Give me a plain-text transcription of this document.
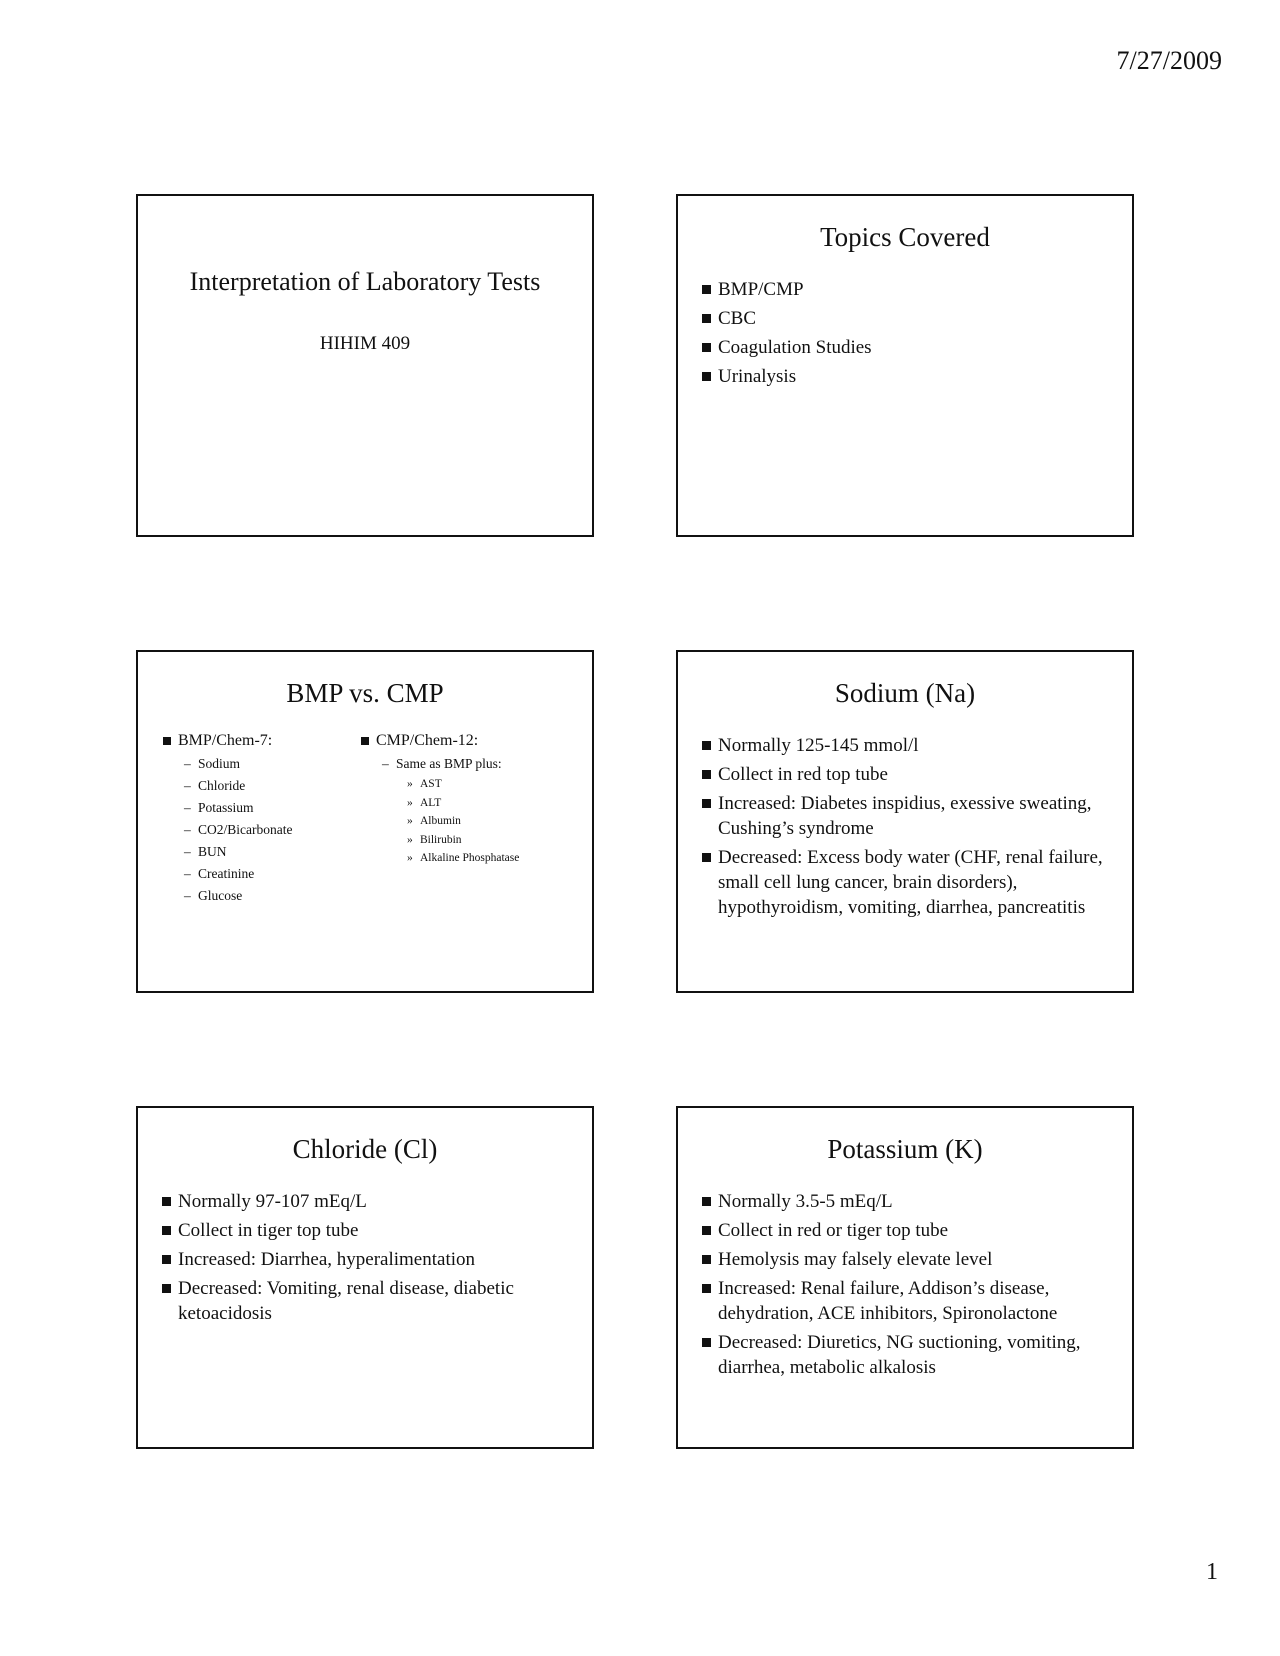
7/27/2009
Interpretation of Laboratory Tests
HIHIM 409
Topics Covered
BMP/CMP
CBC
Coagulation Studies
Urinalysis
BMP vs. CMP
BMP/Chem-7:
– Sodium
– Chloride
– Potassium
– CO2/Bicarbonate
– BUN
– Creatinine
– Glucose
CMP/Chem-12:
– Same as BMP plus:
» AST
» ALT
» Albumin
» Bilirubin
» Alkaline Phosphatase
Sodium (Na)
Normally 125-145 mmol/l
Collect in red top tube
Increased: Diabetes inspidius, exessive sweating, Cushing’s syndrome
Decreased: Excess body water (CHF, renal failure, small cell lung cancer, brain disorders), hypothyroidism, vomiting, diarrhea, pancreatitis
Chloride (Cl)
Normally 97-107 mEq/L
Collect in tiger top tube
Increased: Diarrhea, hyperalimentation
Decreased: Vomiting, renal disease, diabetic ketoacidosis
Potassium (K)
Normally 3.5-5 mEq/L
Collect in red or tiger top tube
Hemolysis may falsely elevate level
Increased: Renal failure, Addison’s disease, dehydration, ACE inhibitors, Spironolactone
Decreased: Diuretics, NG suctioning, vomiting, diarrhea, metabolic alkalosis
1
